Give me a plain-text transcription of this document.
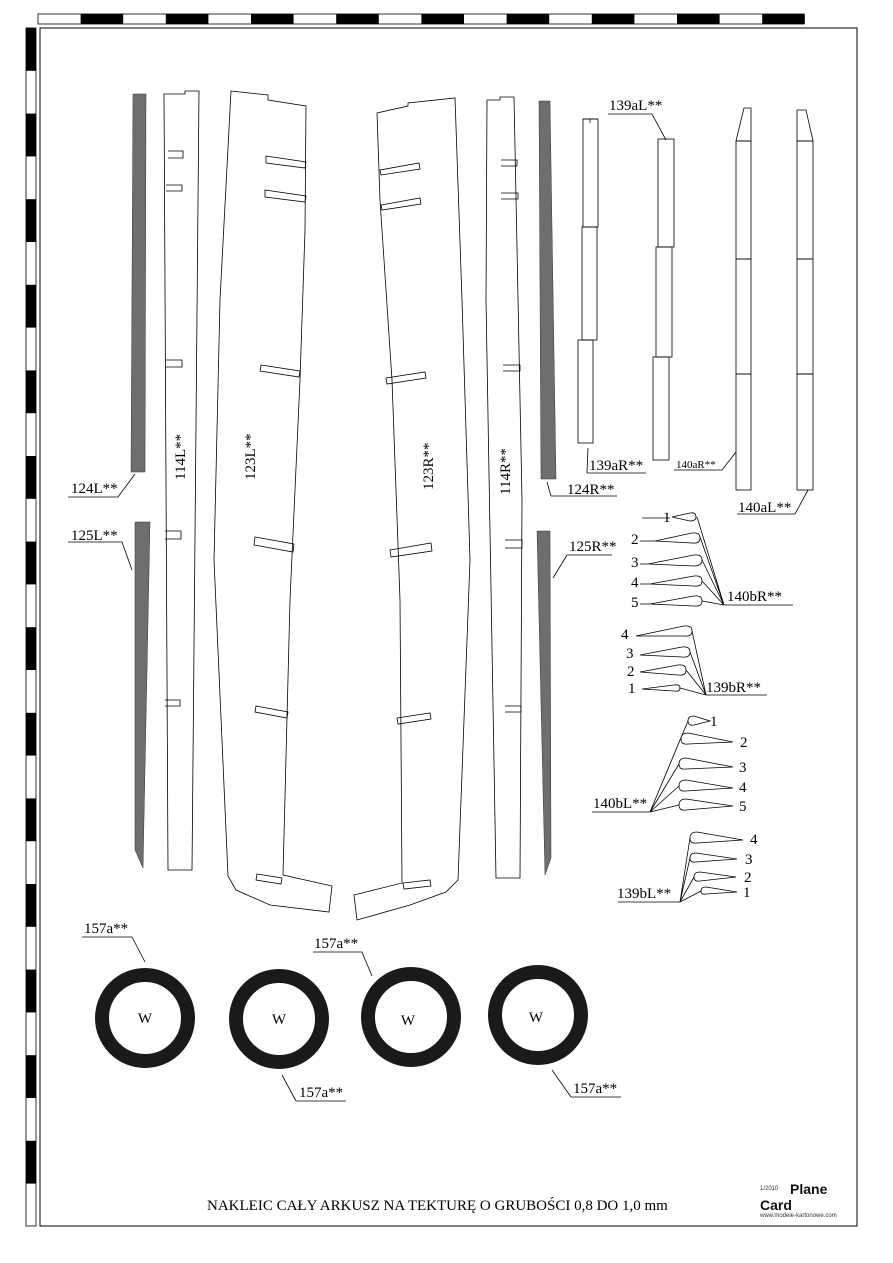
W	W	W	W
124L**
125L**
114L**	123L**	123R**	114R**	124R**
125R**
139aL**
139aR**	140aR**
140aL**
140bR**
139bR**
140bL**
139bL**
157a**
157a**
157a**	157a**
1
2
3
4
5
4
3
2
1
1
2
3
4
5
4
3
2
1
NAKLEIC CAŁY ARKUSZ NA TEKTURĘ O GRUBOŚCI 0,8 DO 1,0 mm
1/2010 Plane
Card
www.modele-kartonowe.com
